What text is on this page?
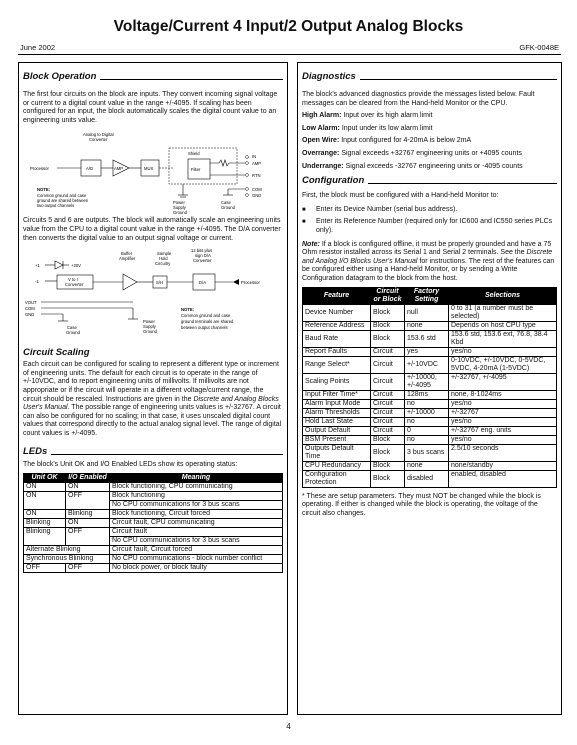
Voltage/Current 4 Input/2 Output Analog Blocks
June 2002	GFK-0048E
Block Operation

The first four circuits on the block are inputs. They convert incoming signal voltage or current to a digital count value in the range +/-4095. If scaling has been configured for an input, the block automatically scales the digital count value to an engineering units value.

Analog to Digital
Converter
Processor	A/D	AMP	MUX
Shield
Filter
IN
AMP
RTN
COM
GND
Power
Supply
Ground
Case
Ground
NOTE:
Common ground and case
ground are shared between
two output channels

Circuits 5 and 6 are outputs. The block will automatically scale an engineering units value from the CPU to a digital count value in the range +/-4095. The D/A converter then converts the digital value to an output signal voltage or current.

12 bits plus
sign D/A
Converter
Buffer
Amplifier
Sample
Hold
Circuitry
+20V
+1
-1	V to I
Converter	S/H	D/A	Processor
VOUT
COM
GND
Case
Ground
Power
Supply
Ground
NOTE:
Common ground and case
ground terminals are shared
between output channels
Circuit Scaling

Each circuit can be configured for scaling to represent a different type or increment of engineering units. The default for each circuit is to operate in the range of +/-10VDC, and to report engineering units of millivolts. If millivolts are not appropriate or if the circuit will operate in a different voltage/current range, the circuit should be rescaled. Instructions are given in the Discrete and Analog Blocks User's Manual. The possible range of engineering units values is +/-32767. A circuit can also be configured for no scaling; in that case, it uses unscaled digital count values that correspond directly to the actual analog signal level. The range of digital count values is +/-4095.

LEDs

The block's Unit OK and I/O Enabled LEDs show its operating status:

Unit OK	I/O Enabled	Meaning
ON	ON	Block functioning, CPU communicating
ON	OFF	Block functioning
No CPU communications for 3 bus scans

ON	Blinking	Block functioning, Circuit forced
Blinking	ON	Circuit fault, CPU communicating
Blinking	OFF	Circuit fault
No CPU communications for 3 bus scans

Alternate Blinking		Circuit fault, Circuit forced
Synchronous Blinking		No CPU communications - block number conflict
OFF	OFF	No block power, or block faulty
Diagnostics

The block's advanced diagnostics provide the messages listed below. Fault messages can be cleared from the Hand-held Monitor or the CPU.

High Alarm: Input over its high alarm limit

Low Alarm: Input under its low alarm limit

Open Wire: Input configured for 4-20mA is below 2mA

Overrange: Signal exceeds +32767 engineering units or +4095 counts

Underrange: Signal exceeds -32767 engineering units or -4095 counts

Configuration

First, the block must be configured with a Hand-held Monitor to:

■	Enter its Device Number (serial bus address).
■	Enter its Reference Number (required only for IC600 and IC550 series PLCs only).

Note: If a block is configured offline, it must be properly grounded and have a 75 Ohm resistor installed across its Serial 1 and Serial 2 terminals. See the Discrete and Analog I/O Blocks User's Manual for instructions. The rest of the features can be configured either using a Hand-held Monitor, or by sending a Write Configuration datagram to the block from the host.

Feature	Circuit or Block	Factory Setting	Selections
Device Number	Block	null	0 to 31 (a number must be selected)
Reference Address	Block	none	Depends on host CPU type
Baud Rate	Block	153.6 std	153.6 std, 153.6 ext, 76.8, 38.4 Kbd
Report Faults	Circuit	yes	yes/no
Range Select*	Circuit	+/-10VDC	0-10VDC, +/-10VDC, 0-5VDC, 5VDC, 4-20mA (1-5VDC)
Scaling Points	Circuit	+/-10000, +/-4095	+/-32767, +/-4095
Input Filter Time*	Circuit	128ms	none, 8-1024ms
Alarm Input Mode	Circuit	no	yes/no
Alarm Thresholds	Circuit	+/-10000	+/-32767
Hold Last State	Circuit	no	yes/no
Output Default	Circuit	0	+/-32767 eng. units
BSM Present	Block	no	yes/no
Outputs Default Time	Block	3 bus scans	2.5/10 seconds
CPU Redundancy	Block	none	none/standby
Configuration Protection	Block	disabled	enabled, disabled

* These are setup parameters. They must NOT be changed while the block is operating. If either is changed while the block is operating, the voltage of the circuit also changes.

4
